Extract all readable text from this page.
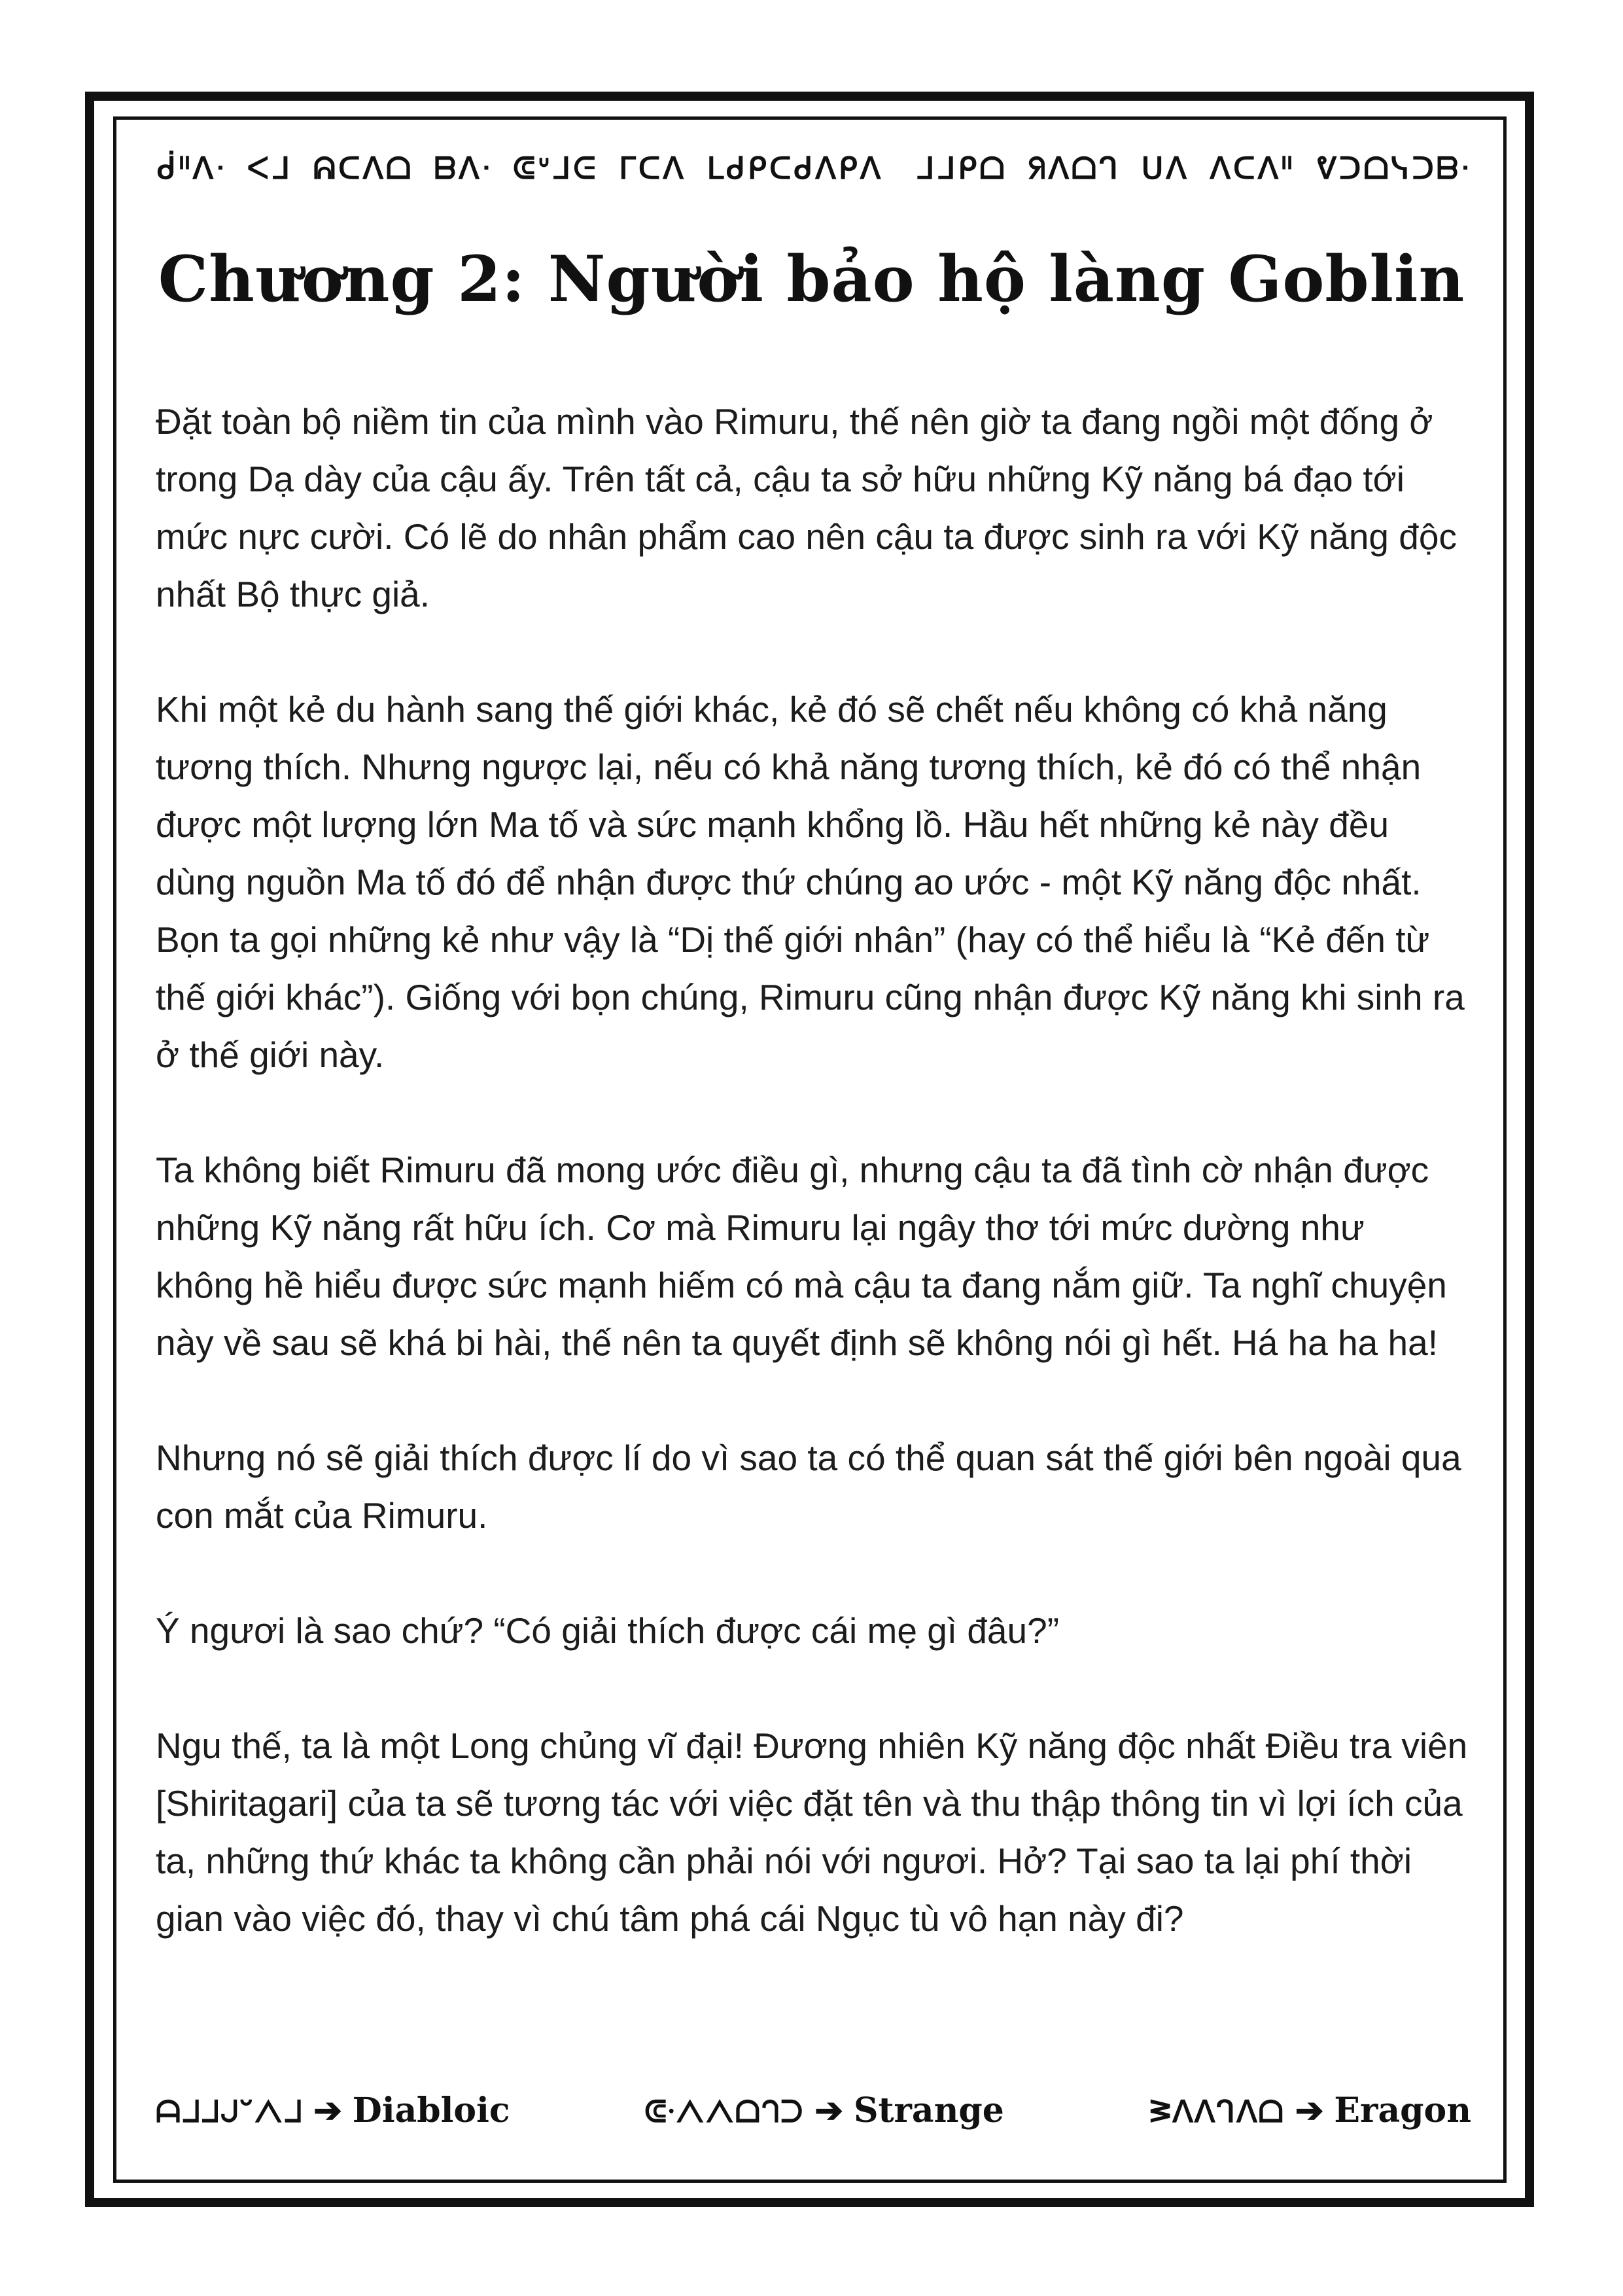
ᑰᐦᐱᐧ ᐸᒧ ᕱᑕᐱᗝ ᗷᐱᐧ ᕳᐡᒧᕮ ᒥᑕᐱ ᒪᑯᑭᑕᑯᐱᑭᐱ ᒧᒧᑭᗝ ᖆᐱᗝᒉ ᑌᐱ ᐱᑕᐱᐦ ᕓᑐᗝᓭᑐᗷᐧ
Chương 2: Người bảo hộ làng Goblin

Đặt toàn bộ niềm tin của mình vào Rimuru, thế nên giờ ta đang ngồi một đống ở trong Dạ dày của cậu ấy. Trên tất cả, cậu ta sở hữu những Kỹ năng bá đạo tới mức nực cười. Có lẽ do nhân phẩm cao nên cậu ta được sinh ra với Kỹ năng độc nhất Bộ thực giả.

Khi một kẻ du hành sang thế giới khác, kẻ đó sẽ chết nếu không có khả năng tương thích. Nhưng ngược lại, nếu có khả năng tương thích, kẻ đó có thể nhận được một lượng lớn Ma tố và sức mạnh khổng lồ. Hầu hết những kẻ này đều dùng nguồn Ma tố đó để nhận được thứ chúng ao ước - một Kỹ năng độc nhất. Bọn ta gọi những kẻ như vậy là “Dị thế giới nhân” (hay có thể hiểu là “Kẻ đến từ thế giới khác”). Giống với bọn chúng, Rimuru cũng nhận được Kỹ năng khi sinh ra ở thế giới này.

Ta không biết Rimuru đã mong ước điều gì, nhưng cậu ta đã tình cờ nhận được những Kỹ năng rất hữu ích. Cơ mà Rimuru lại ngây thơ tới mức dường như không hề hiểu được sức mạnh hiếm có mà cậu ta đang nắm giữ. Ta nghĩ chuyện này về sau sẽ khá bi hài, thế nên ta quyết định sẽ không nói gì hết. Há ha ha ha!

Nhưng nó sẽ giải thích được lí do vì sao ta có thể quan sát thế giới bên ngoài qua con mắt của Rimuru.

Ý ngươi là sao chứ? “Có giải thích được cái mẹ gì đâu?”

Ngu thế, ta là một Long chủng vĩ đại! Đương nhiên Kỹ năng độc nhất Điều tra viên [Shiritagari] của ta sẽ tương tác với việc đặt tên và thu thập thông tin vì lợi ích của ta, những thứ khác ta không cần phải nói với ngươi. Hở? Tại sao ta lại phí thời gian vào việc đó, thay vì chú tâm phá cái Ngục tù vô hạn này đi?

ᗩᒧᒧᒍᐡᐱᒧ ➔ Diabloic	ᕳᐧᐱᐱᗝᒉᑐ ➔ Strange	ᕒᐱᐱᒉᐱᗝ ➔ Eragon
